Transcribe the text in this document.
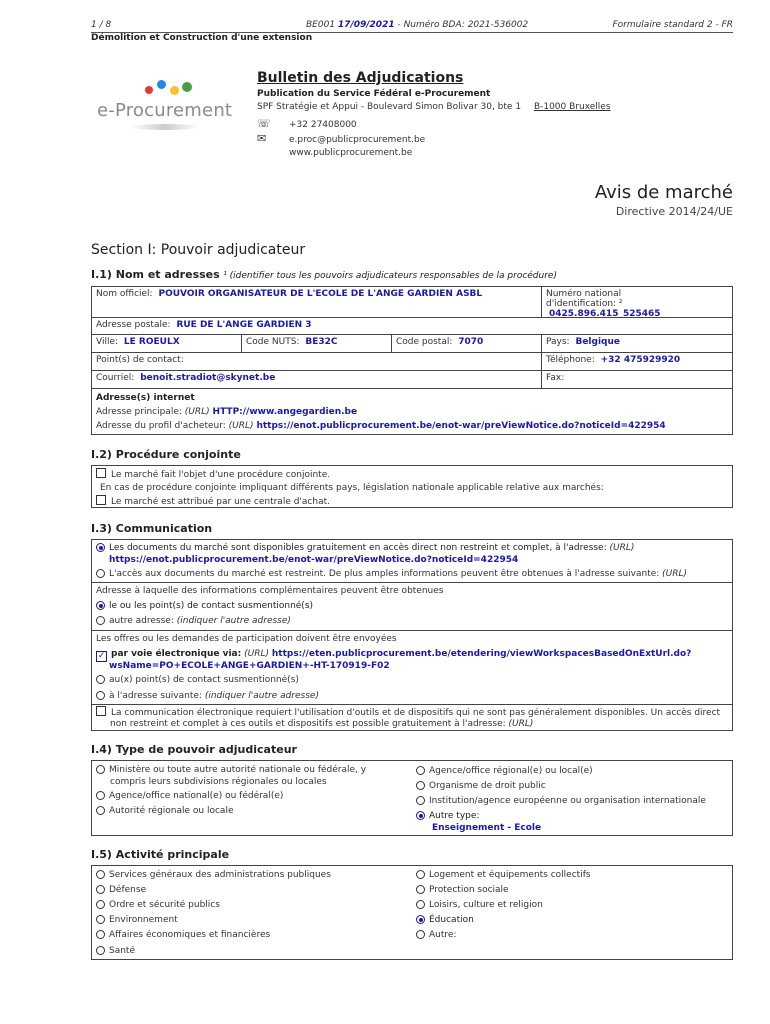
1 / 8	BE001 17/09/2021 - Numéro BDA: 2021-536002	Formulaire standard 2 - FR
Démolition et Construction d'une extension
e-Procurement
Bulletin des Adjudications
Publication du Service Fédéral e-Procurement
SPF Stratégie et Appui - Boulevard Simon Bolivar 30, bte 1 B-1000 Bruxelles
☏ +32 27408000
✉	e.proc@publicprocurement.be
www.publicprocurement.be
Avis de marché
Directive 2014/24/UE
Section I: Pouvoir adjudicateur
I.1) Nom et adresses ¹ (identifier tous les pouvoirs adjudicateurs responsables de la procédure)
Nom officiel: POUVOIR ORGANISATEUR DE L'ECOLE DE L'ANGE GARDIEN ASBL	Numéro national
d'identification: ² 0425.896.415_525465
Adresse postale: RUE DE L'ANGE GARDIEN 3
Ville: LE ROEULX	Code NUTS: BE32C	Code postal: 7070	Pays: Belgique
Point(s) de contact:	Téléphone: +32 475929920
Courriel: benoit.stradiot@skynet.be	Fax:
Adresse(s) internet
Adresse principale: (URL) HTTP://www.angegardien.be
Adresse du profil d'acheteur: (URL) https://enot.publicprocurement.be/enot-war/preViewNotice.do?noticeId=422954
I.2) Procédure conjointe
Le marché fait l'objet d'une procédure conjointe.
En cas de procédure conjointe impliquant différents pays, législation nationale applicable relative aux marchés:
Le marché est attribué par une centrale d'achat.
I.3) Communication
Les documents du marché sont disponibles gratuitement en accès direct non restreint et complet, à l'adresse: (URL)
https://enot.publicprocurement.be/enot-war/preViewNotice.do?noticeId=422954
L'accès aux documents du marché est restreint. De plus amples informations peuvent être obtenues à l'adresse suivante: (URL)
Adresse à laquelle des informations complémentaires peuvent être obtenues
le ou les point(s) de contact susmentionné(s)
autre adresse: (indiquer l'autre adresse)
Les offres ou les demandes de participation doivent être envoyées
✓ par voie électronique via: (URL) https://eten.publicprocurement.be/etendering/viewWorkspacesBasedOnExtUrl.do?
wsName=PO+ECOLE+ANGE+GARDIEN+-HT-170919-F02
au(x) point(s) de contact susmentionné(s)
à l'adresse suivante: (indiquer l'autre adresse)
La communication électronique requiert l'utilisation d'outils et de dispositifs qui ne sont pas généralement disponibles. Un accès direct
non restreint et complet à ces outils et dispositifs est possible gratuitement à l'adresse: (URL)
I.4) Type de pouvoir adjudicateur
Ministère ou toute autre autorité nationale ou fédérale, y
compris leurs subdivisions régionales ou locales
Agence/office national(e) ou fédéral(e)
Autorité régionale ou locale
Agence/office régional(e) ou local(e)
Organisme de droit public
Institution/agence européenne ou organisation internationale
Autre type:
Enseignement - Ecole
I.5) Activité principale
Services généraux des administrations publiques
Défense
Ordre et sécurité publics
Environnement
Affaires économiques et financières
Santé
Logement et équipements collectifs
Protection sociale
Loisirs, culture et religion
Éducation
Autre:
